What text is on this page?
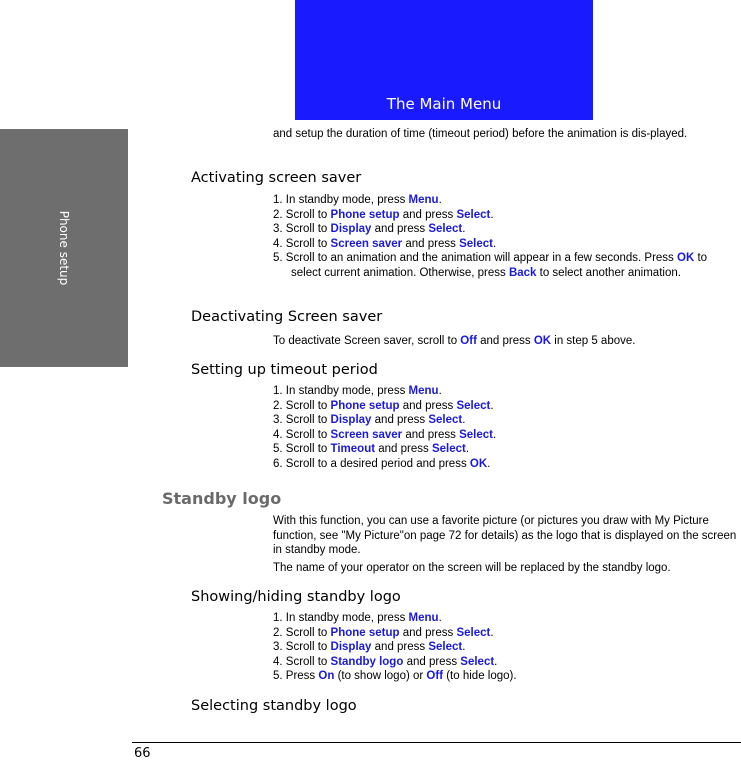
The Main Menu
Phone setup
and setup the duration of time (timeout period) before the animation is dis-played.
Activating screen saver
1. In standby mode, press Menu.
2. Scroll to Phone setup and press Select.
3. Scroll to Display and press Select.
4. Scroll to Screen saver and press Select.
5. Scroll to an animation and the animation will appear in a few seconds. Press OK to select current animation. Otherwise, press Back to select another animation.
Deactivating Screen saver
To deactivate Screen saver, scroll to Off and press OK in step 5 above.
Setting up timeout period
1. In standby mode, press Menu.
2. Scroll to Phone setup and press Select.
3. Scroll to Display and press Select.
4. Scroll to Screen saver and press Select.
5. Scroll to Timeout and press Select.
6. Scroll to a desired period and press OK.
Standby logo
With this function, you can use a favorite picture (or pictures you draw with My Picture function, see "My Picture"on page 72 for details) as the logo that is displayed on the screen in standby mode.
The name of your operator on the screen will be replaced by the standby logo.
Showing/hiding standby logo
1. In standby mode, press Menu.
2. Scroll to Phone setup and press Select.
3. Scroll to Display and press Select.
4. Scroll to Standby logo and press Select.
5. Press On (to show logo) or Off (to hide logo).
Selecting standby logo
66
